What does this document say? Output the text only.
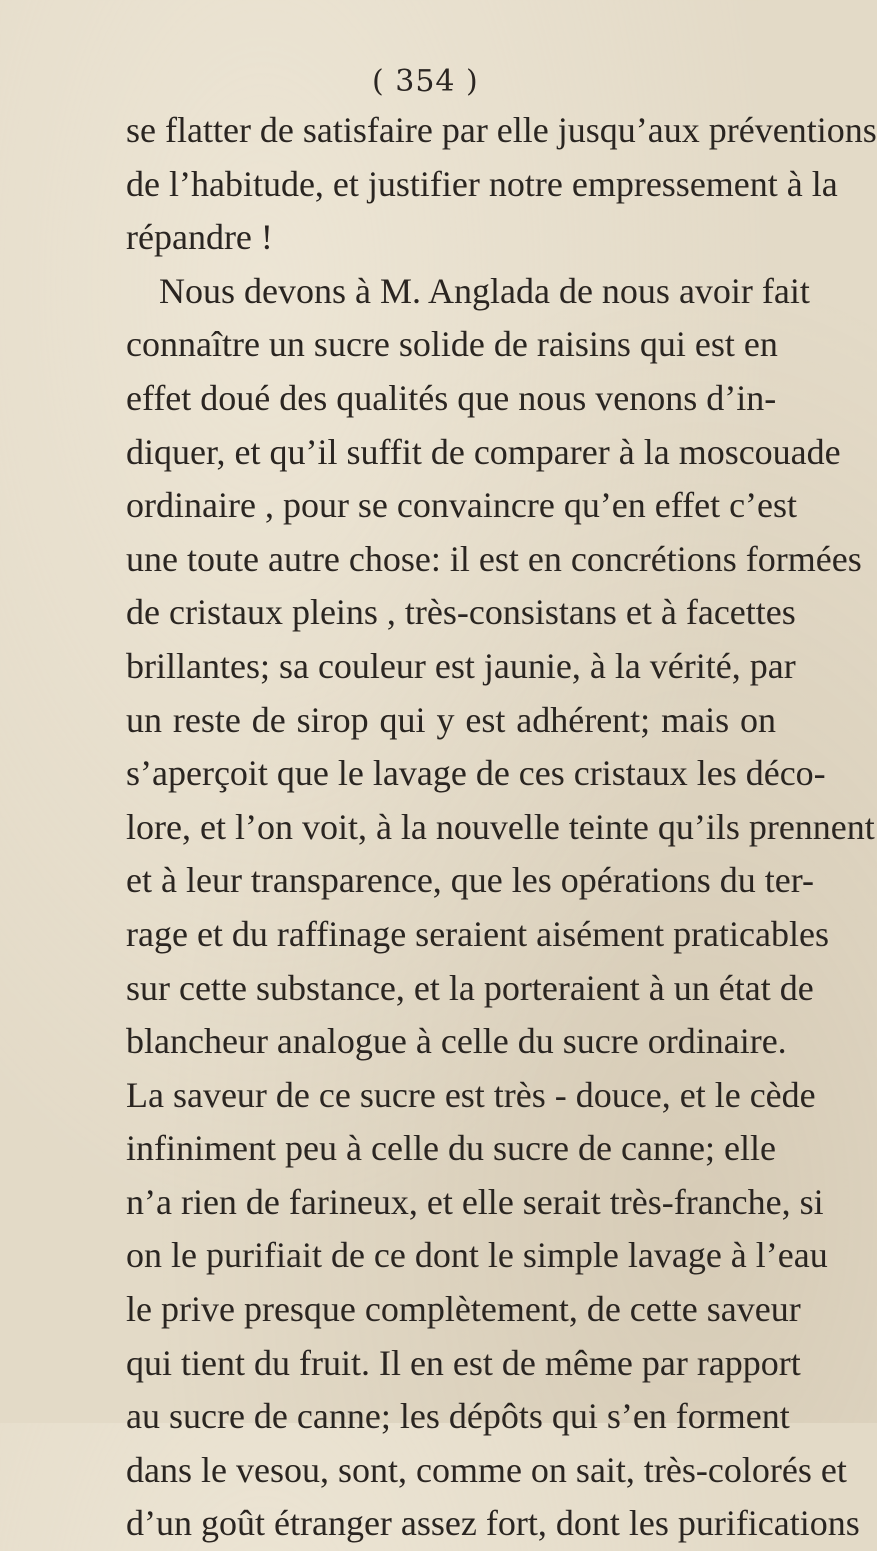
( 354 )
se flatter de satisfaire par elle jusqu’aux préventions
de l’habitude, et justifier notre empressement à la
répandre !
Nous devons à M. Anglada de nous avoir fait
connaître un sucre solide de raisins qui est en
effet doué des qualités que nous venons d’in-
diquer, et qu’il suffit de comparer à la moscouade
ordinaire , pour se convaincre qu’en effet c’est
une toute autre chose: il est en concrétions formées
de cristaux pleins , très-consistans et à facettes
brillantes; sa couleur est jaunie, à la vérité, par
un reste de sirop qui y est adhérent; mais on
s’aperçoit que le lavage de ces cristaux les déco-
lore, et l’on voit, à la nouvelle teinte qu’ils prennent
et à leur transparence, que les opérations du ter-
rage et du raffinage seraient aisément praticables
sur cette substance, et la porteraient à un état de
blancheur analogue à celle du sucre ordinaire.
La saveur de ce sucre est très - douce, et le cède
infiniment peu à celle du sucre de canne; elle
n’a rien de farineux, et elle serait très-franche, si
on le purifiait de ce dont le simple lavage à l’eau
le prive presque complètement, de cette saveur
qui tient du fruit. Il en est de même par rapport
au sucre de canne; les dépôts qui s’en forment
dans le vesou, sont, comme on sait, très-colorés et
d’un goût étranger assez fort, dont les purifications
